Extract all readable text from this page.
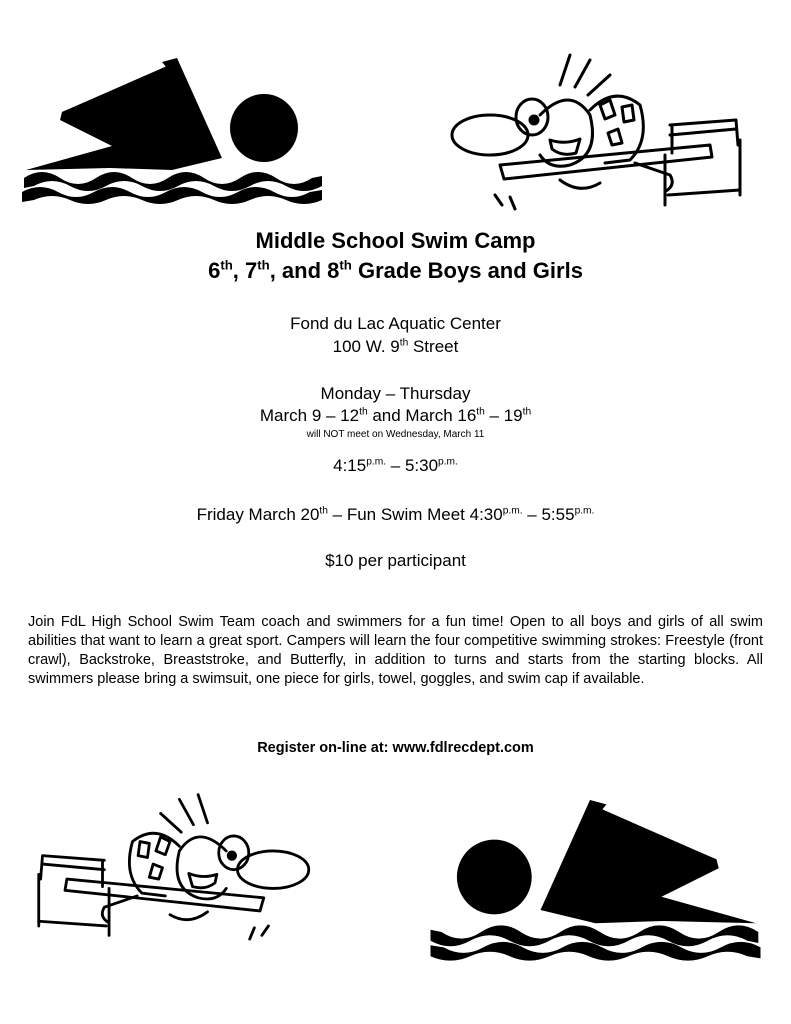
Middle School Swim Camp
6th, 7th, and 8th Grade Boys and Girls
Fond du Lac Aquatic Center
100 W. 9th Street
Monday – Thursday
March 9 – 12th and March 16th – 19th
will NOT meet on Wednesday, March 11
$4:15^{p.m.}$ – $5:30^{p.m.}$
Friday March 20th – Fun Swim Meet $4:30^{p.m.}$ – $5:55^{p.m.}$
$10 per participant
Join FdL High School Swim Team coach and swimmers for a fun time! Open to all boys and girls of all swim abilities that want to learn a great sport. Campers will learn the four competitive swimming strokes: Freestyle (front crawl), Backstroke, Breaststroke, and Butterfly, in addition to turns and starts from the starting blocks. All swimmers please bring a swimsuit, one piece for girls, towel, goggles, and swim cap if available.
Register on-line at: www.fdlrecdept.com
